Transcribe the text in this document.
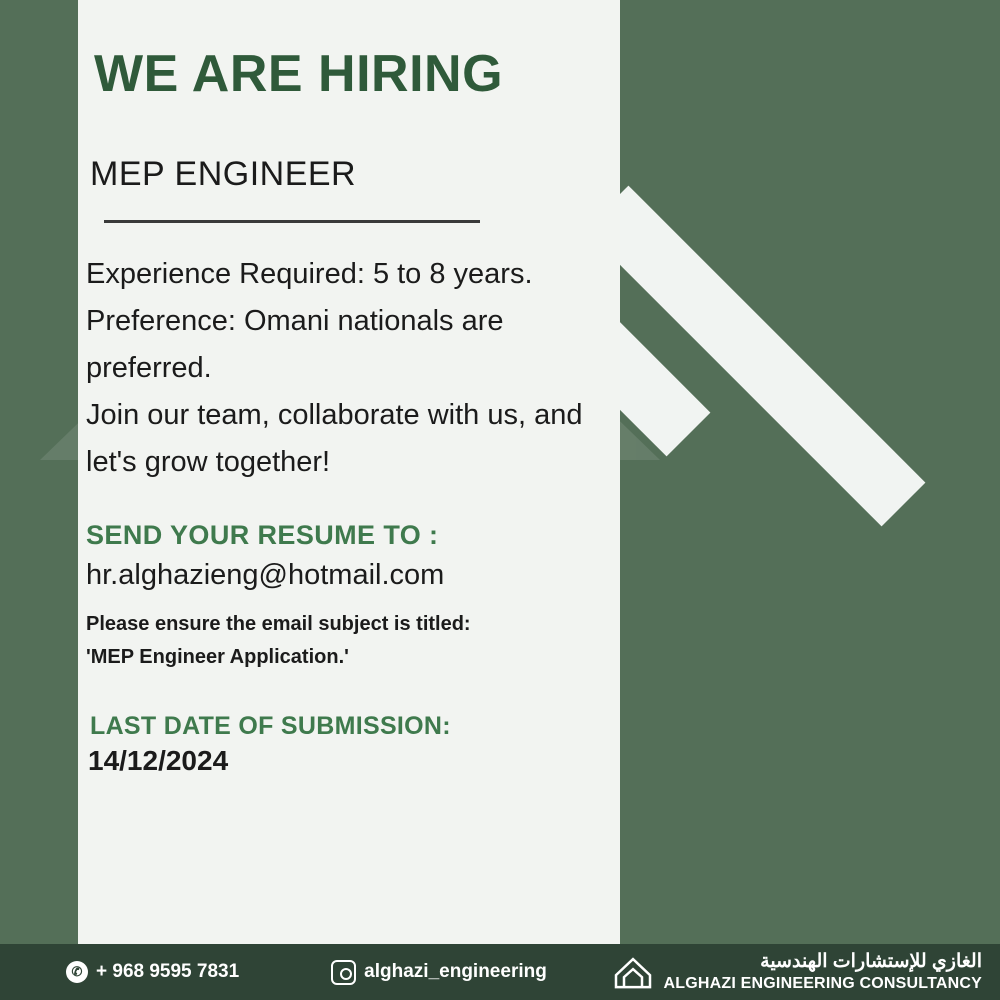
WE ARE HIRING
MEP ENGINEER

Experience Required: 5 to 8 years.

Preference: Omani nationals are preferred.

Join our team, collaborate with us, and let's grow together!

SEND YOUR RESUME TO :
hr.alghazieng@hotmail.com

Please ensure the email subject is titled:

'MEP Engineer Application.'

LAST DATE OF SUBMISSION:
14/12/2024
✆ + 968 9595 7831	alghazi_engineering	الغازي للإستشارات الهندسية
ALGHAZI ENGINEERING CONSULTANCY
